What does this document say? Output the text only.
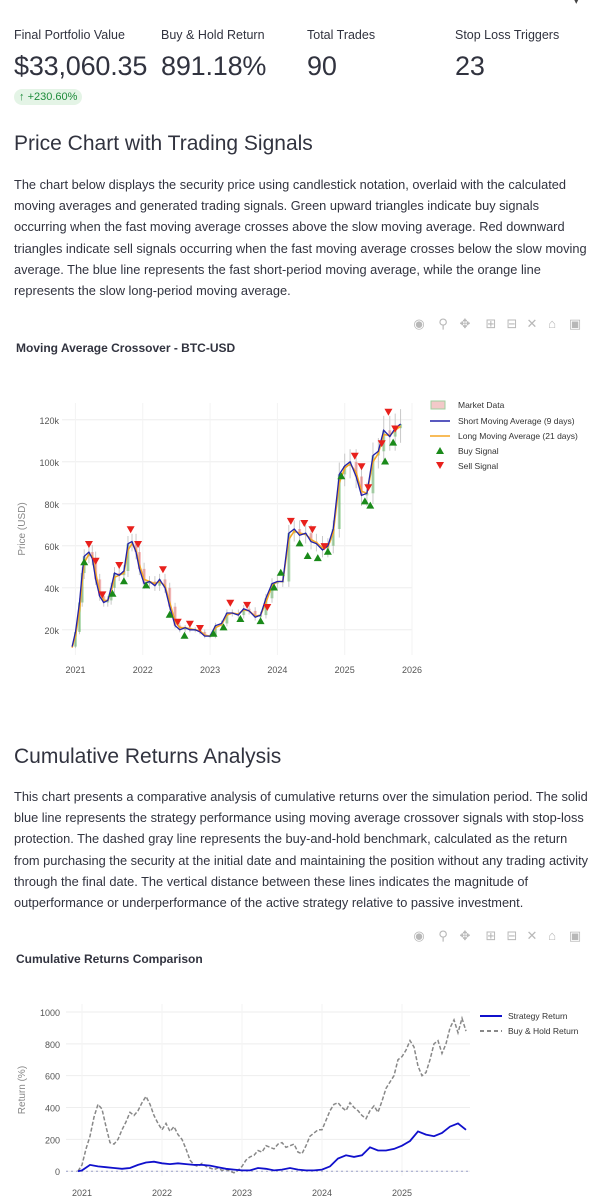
▾
Final Portfolio Value
$33,060.35
↑ +230.60%
Buy & Hold Return
891.18%
Total Trades
90
Stop Loss Triggers
23
Price Chart with Trading Signals

The chart below displays the security price using candlestick notation, overlaid with the calculated moving averages and generated trading signals. Green upward triangles indicate buy signals occurring when the fast moving average crosses above the slow moving average. Red downward triangles indicate sell signals occurring when the fast moving average crosses below the slow moving average. The blue line represents the fast short-period moving average, while the orange line represents the slow long-period moving average.

◉ ⚲ ✥ ⊞ ⊟ ✕ ⌂ ▣
Moving Average Crossover - BTC-USD
20k
40k
60k
80k
100k
120k
2021	2022	2023	2024	2025	2026
Price (USD)
Market Data
Short Moving Average (9 days)
Long Moving Average (21 days)
Buy Signal
Sell Signal
Cumulative Returns Analysis

This chart presents a comparative analysis of cumulative returns over the simulation period. The solid blue line represents the strategy performance using moving average crossover signals with stop-loss protection. The dashed gray line represents the buy-and-hold benchmark, calculated as the return from purchasing the security at the initial date and maintaining the position without any trading activity through the final date. The vertical distance between these lines indicates the magnitude of outperformance or underperformance of the active strategy relative to passive investment.

◉ ⚲ ✥ ⊞ ⊟ ✕ ⌂ ▣
Cumulative Returns Comparison
0
200
400
600
800
1000
2021	2022	2023	2024	2025
Return (%)
Strategy Return
Buy & Hold Return
